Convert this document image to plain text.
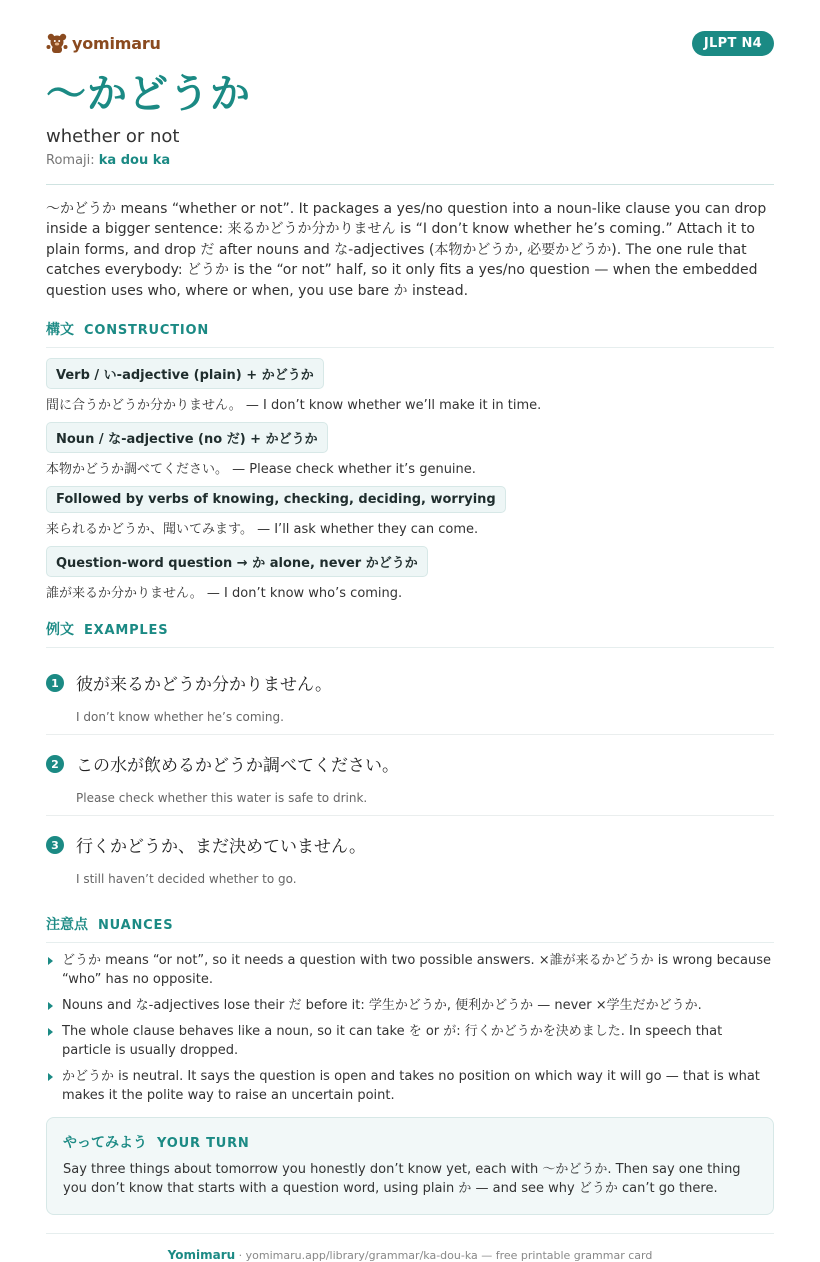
yomimaru	JLPT N4
〜かどうか
whether or not
Romaji: ka dou ka

〜かどうか means “whether or not”. It packages a yes/no question into a noun-like clause you can drop inside a bigger sentence: 来るかどうか分かりません is “I don’t know whether he’s coming.” Attach it to plain forms, and drop だ after nouns and な-adjectives (本物かどうか, 必要かどうか). The one rule that catches everybody: どうか is the “or not” half, so it only fits a yes/no question — when the embedded question uses who, where or when, you use bare か instead.

構文 CONSTRUCTION
Verb / い-adjective (plain) + かどうか
間に合うかどうか分かりません。 — I don’t know whether we’ll make it in time.
Noun / な-adjective (no だ) + かどうか
本物かどうか調べてください。 — Please check whether it’s genuine.
Followed by verbs of knowing, checking, deciding, worrying
来られるかどうか、聞いてみます。 — I’ll ask whether they can come.
Question-word question → か alone, never かどうか
誰が来るか分かりません。 — I don’t know who’s coming.
例文 EXAMPLES
1	彼が来るかどうか分かりません。
I don’t know whether he’s coming.
2	この水が飲めるかどうか調べてください。
Please check whether this water is safe to drink.
3	行くかどうか、まだ決めていません。
I still haven’t decided whether to go.
注意点 NUANCES
どうか means “or not”, so it needs a question with two possible answers. ×誰が来るかどうか is wrong because “who” has no opposite.
Nouns and な-adjectives lose their だ before it: 学生かどうか, 便利かどうか — never ×学生だかどうか.
The whole clause behaves like a noun, so it can take を or が: 行くかどうかを決めました. In speech that particle is usually dropped.
かどうか is neutral. It says the question is open and takes no position on which way it will go — that is what makes it the polite way to raise an uncertain point.
やってみよう YOUR TURN
Say three things about tomorrow you honestly don’t know yet, each with 〜かどうか. Then say one thing you don’t know that starts with a question word, using plain か — and see why どうか can’t go there.
Yomimaru · yomimaru.app/library/grammar/ka-dou-ka — free printable grammar card
